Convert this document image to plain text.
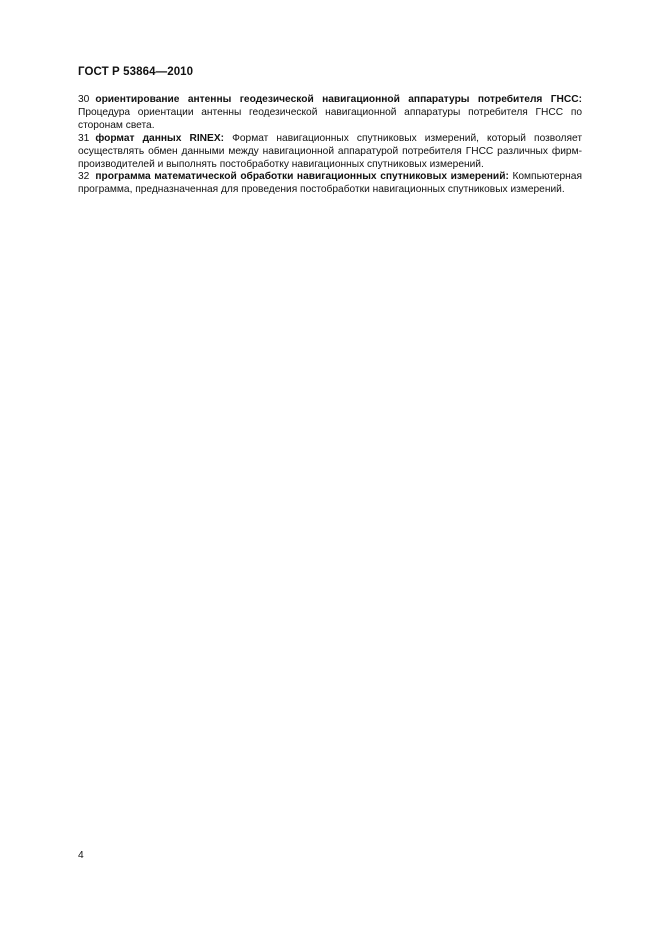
ГОСТ Р 53864—2010

30 ориентирование антенны геодезической навигационной аппаратуры потребителя ГНСС: Процедура ориентации антенны геодезической навигационной аппаратуры потребителя ГНСС по сторонам света.

31 формат данных RINEX: Формат навигационных спутниковых измерений, который позволяет осуществлять обмен данными между навигационной аппаратурой потребителя ГНСС различных фирм-производителей и выполнять постобработку навигационных спутниковых измерений.

32 программа математической обработки навигационных спутниковых измерений: Компьютерная программа, предназначенная для проведения постобработки навигационных спутниковых измерений.

4
